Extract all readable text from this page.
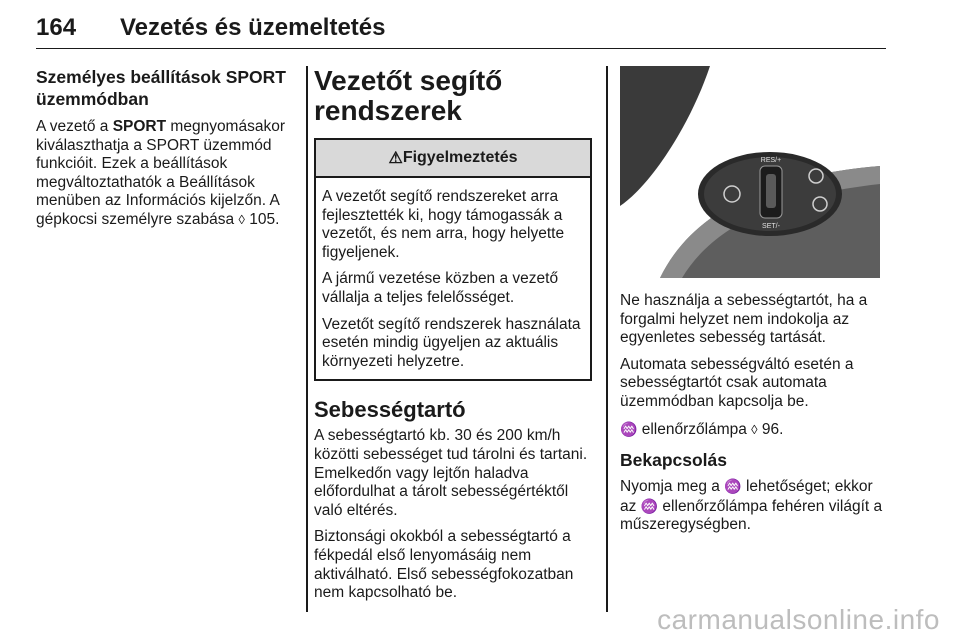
164 Vezetés és üzemeltetés
Személyes beállítások SPORT üzemmódban
A vezető a SPORT megnyomásakor kiválaszthatja a SPORT üzemmód funkcióit. Ezek a beállítások megváltoztathatók a Beállítások menüben az Információs kijelzőn. A gépkocsi személyre szabása ◊ 105.
Vezetőt segítő rendszerek
⚠ Figyelmeztetés
A vezetőt segítő rendszereket arra fejlesztették ki, hogy támogassák a vezetőt, és nem arra, hogy helyette figyeljenek.
A jármű vezetése közben a vezető vállalja a teljes felelősséget.
Vezetőt segítő rendszerek használata esetén mindig ügyeljen az aktuális környezeti helyzetre.
Sebességtartó
A sebességtartó kb. 30 és 200 km/h közötti sebességet tud tárolni és tartani. Emelkedőn vagy lejtőn haladva előfordulhat a tárolt sebességértéktől való eltérés.
Biztonsági okokból a sebességtartó a fékpedál első lenyomásáig nem aktiválható. Első sebességfokozatban nem kapcsolható be.
RES/+
SET/-
Ne használja a sebességtartót, ha a forgalmi helyzet nem indokolja az egyenletes sebesség tartását.
Automata sebességváltó esetén a sebességtartót csak automata üzemmódban kapcsolja be.
♒ ellenőrzőlámpa ◊ 96.
Bekapcsolás
Nyomja meg a ♒ lehetőséget; ekkor az ♒ ellenőrzőlámpa fehéren világít a műszeregységben.
carmanualsonline.info
